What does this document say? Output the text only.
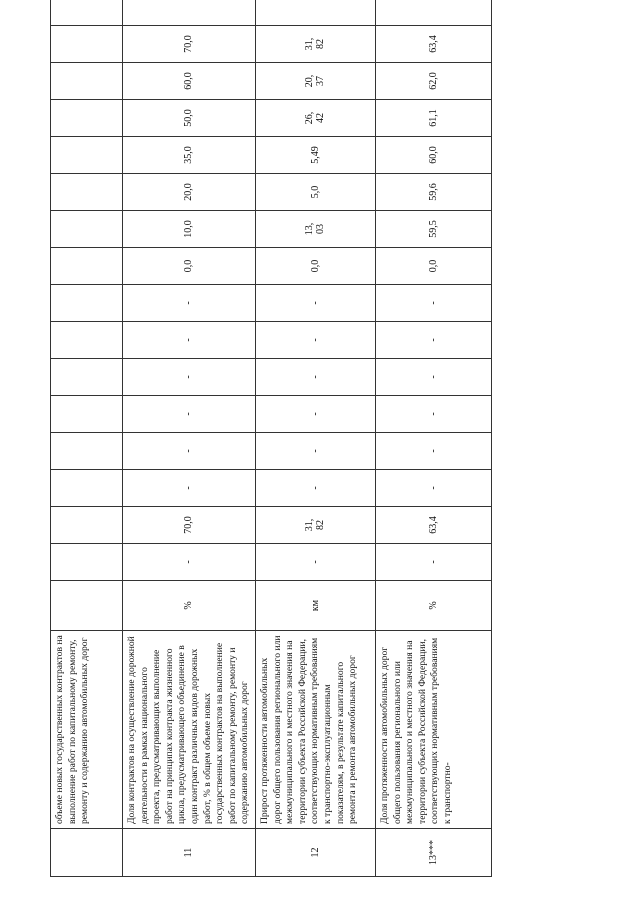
	объеме новых государственных контрактов на выполнение работ по капитальному ремонту, ремонту и содержанию автомобильных дорог																	
11	Доля контрактов на осуществление дорожной деятельности в рамках национального проекта, предусматривающих выполнение работ на принципах контракта жизненного цикла, предусматривающего объединение в один контракт различных видов дорожных работ, % в общем объеме новых государственных контрактов на выполнение работ по капитальному ремонту, ремонту и содержанию автомобильных дорог	%	-	70,0	-	-	-	-	-	-	0,0	10,0	20,0	35,0	50,0	60,0	70,0	
12	Прирост протяженности автомобильных дорог общего пользования регионального или межмуниципального и местного значения на территории субъекта Российской Федерации, соответствующих нормативным требованиям к транспортно-эксплуатационным показателям, в результате капитального ремонта и ремонта автомобильных дорог	км	-	31,82	-	-	-	-	-	-	0,0	13,03	5,0	5,49	26,42	20,37	31,82	
13***	Доля протяженности автомобильных дорог общего пользования регионального или межмуниципального и местного значения на территории субъекта Российской Федерации, соответствующих нормативным требованиям к транспортно-	%	-	63,4	-	-	-	-	-	-	0,0	59,5	59,6	60,0	61,1	62,0	63,4	
